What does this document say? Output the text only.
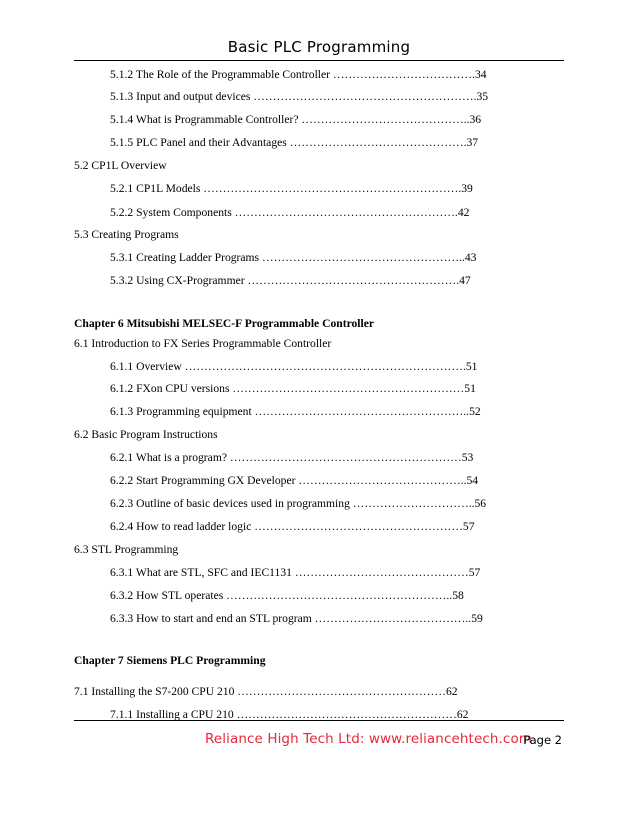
Basic PLC Programming
5.1.2 The Role of the Programmable Controller ……………………………….34
5.1.3 Input and output devices ………………………………………………….35
5.1.4 What is Programmable Controller? ……………………………………..36
5.1.5 PLC Panel and their Advantages ……………………………………….37
5.2 CP1L Overview
5.2.1 CP1L Models ………………………………………………………….39
5.2.2 System Components ………………………………………………….42
5.3 Creating Programs
5.3.1 Creating Ladder Programs ……………………………………………..43
5.3.2 Using CX-Programmer ……………………………………………….47
Chapter 6 Mitsubishi MELSEC-F Programmable Controller
6.1 Introduction to FX Series Programmable Controller
6.1.1 Overview ……………………………………………………………….51
6.1.2 FXon CPU versions ……………………………………………………51
6.1.3 Programming equipment ………………………………………………..52
6.2 Basic Program Instructions
6.2.1 What is a program? ……………………………………………………53
6.2.2 Start Programming GX Developer ……………………………………..54
6.2.3 Outline of basic devices used in programming …………………………..56
6.2.4 How to read ladder logic ………………………………………………57
6.3 STL Programming
6.3.1 What are STL, SFC and IEC1131 ………………………………………57
6.3.2 How STL operates …………………………………………………..58
6.3.3 How to start and end an STL program …………………………………..59
Chapter 7 Siemens PLC Programming
7.1 Installing the S7-200 CPU 210 ………………………………………………62
7.1.1 Installing a CPU 210 …………………………………………………62
Reliance High Tech Ltd: www.reliancehtech.com
Page 2
